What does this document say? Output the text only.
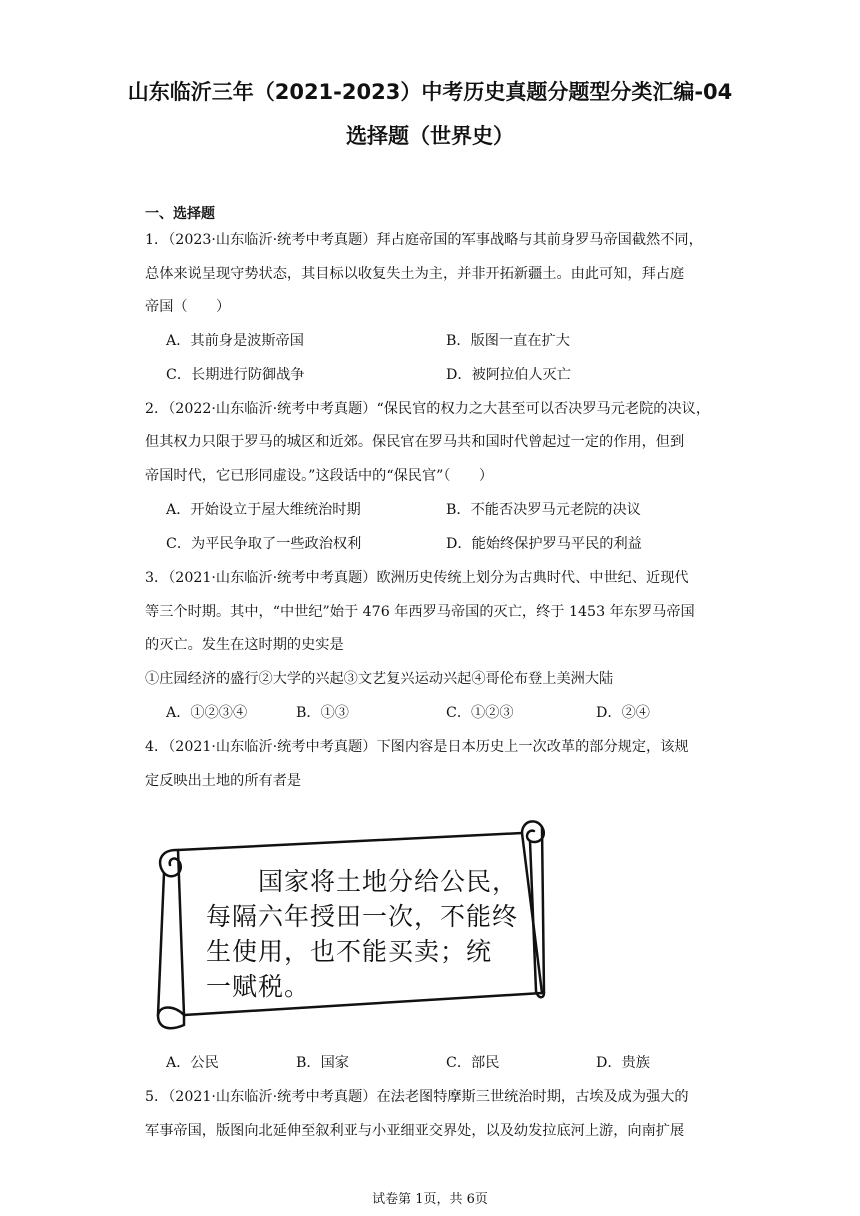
山东临沂三年（2021-2023）中考历史真题分题型分类汇编-04
选择题（世界史）
一、选择题
1．（2023·山东临沂·统考中考真题）拜占庭帝国的军事战略与其前身罗马帝国截然不同，
总体来说呈现守势状态，其目标以收复失土为主，并非开拓新疆土。由此可知，拜占庭
帝国（　　）
A．其前身是波斯帝国	B．版图一直在扩大
C．长期进行防御战争	D．被阿拉伯人灭亡
2．（2022·山东临沂·统考中考真题）“保民官的权力之大甚至可以否决罗马元老院的决议，
但其权力只限于罗马的城区和近郊。保民官在罗马共和国时代曾起过一定的作用，但到
帝国时代，它已形同虚设。”这段话中的“保民官”（　　）
A．开始设立于屋大维统治时期	B．不能否决罗马元老院的决议
C．为平民争取了一些政治权利	D．能始终保护罗马平民的利益
3．（2021·山东临沂·统考中考真题）欧洲历史传统上划分为古典时代、中世纪、近现代
等三个时期。其中，“中世纪”始于 476 年西罗马帝国的灭亡，终于 1453 年东罗马帝国
的灭亡。发生在这时期的史实是
①庄园经济的盛行②大学的兴起③文艺复兴运动兴起④哥伦布登上美洲大陆
A．①②③④	B．①③	C．①②③	D．②④
4．（2021·山东临沂·统考中考真题）下图内容是日本历史上一次改革的部分规定，该规
定反映出土地的所有者是
国家将土地分给公民，
每隔六年授田一次，不能终
生使用，也不能买卖；统
一赋税。
A．公民	B．国家	C．部民	D．贵族
5．（2021·山东临沂·统考中考真题）在法老图特摩斯三世统治时期，古埃及成为强大的
军事帝国，版图向北延伸至叙利亚与小亚细亚交界处，以及幼发拉底河上游，向南扩展
试卷第 1页，共 6页
